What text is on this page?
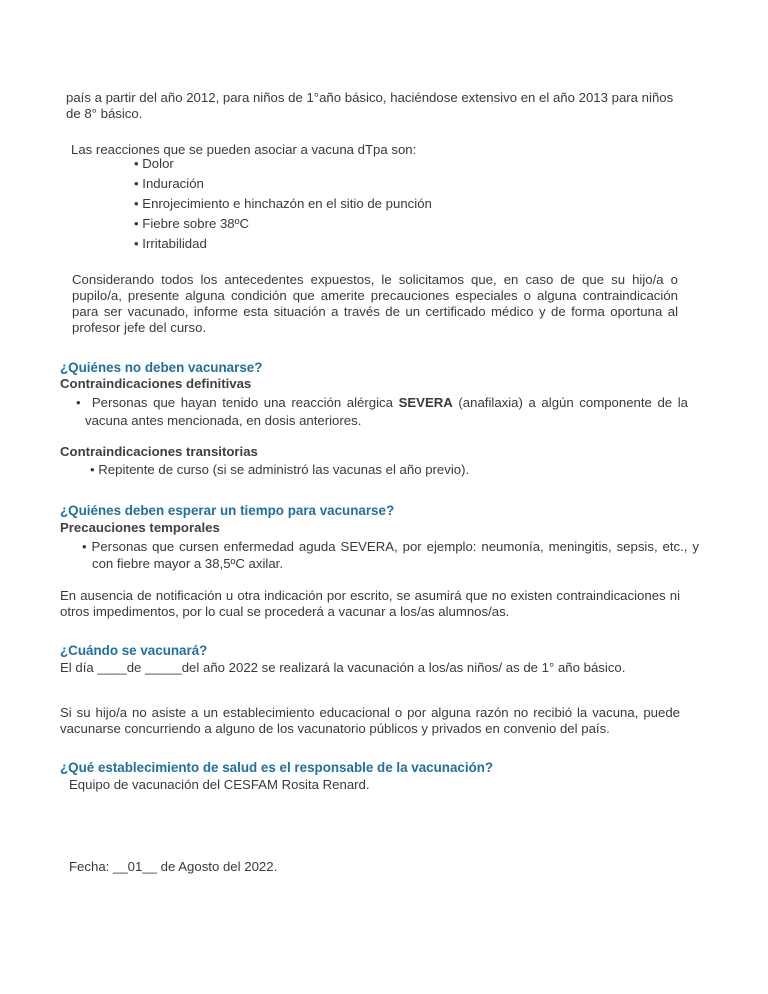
país a partir del año 2012, para niños de 1°año básico, haciéndose extensivo en el año 2013 para niños
de 8° básico.
Las reacciones que se pueden asociar a vacuna dTpa son:
• Dolor
• Induración
• Enrojecimiento e hinchazón en el sitio de punción
• Fiebre sobre 38ºC
• Irritabilidad
Considerando todos los antecedentes expuestos, le solicitamos que, en caso de que su hijo/a o pupilo/a, presente alguna condición que amerite precauciones especiales o alguna contraindicación para ser vacunado, informe esta situación a través de un certificado médico y de forma oportuna al profesor jefe del curso.
¿Quiénes no deben vacunarse?
Contraindicaciones definitivas
• Personas que hayan tenido una reacción alérgica SEVERA (anafilaxia) a algún componente de la vacuna antes mencionada, en dosis anteriores.
Contraindicaciones transitorias
• Repitente de curso (si se administró las vacunas el año previo).
¿Quiénes deben esperar un tiempo para vacunarse?
Precauciones temporales
• Personas que cursen enfermedad aguda SEVERA, por ejemplo: neumonía, meningitis, sepsis, etc., y con fiebre mayor a 38,5ºC axilar.
En ausencia de notificación u otra indicación por escrito, se asumirá que no existen contraindicaciones ni otros impedimentos, por lo cual se procederá a vacunar a los/as alumnos/as.
¿Cuándo se vacunará?
El día ____de _____del año 2022 se realizará la vacunación a los/as niños/ as de 1° año básico.
Si su hijo/a no asiste a un establecimiento educacional o por alguna razón no recibió la vacuna, puede vacunarse concurriendo a alguno de los vacunatorio públicos y privados en convenio del país.
¿Qué establecimiento de salud es el responsable de la vacunación?
Equipo de vacunación del CESFAM Rosita Renard.
Fecha: __01__ de Agosto del 2022.
